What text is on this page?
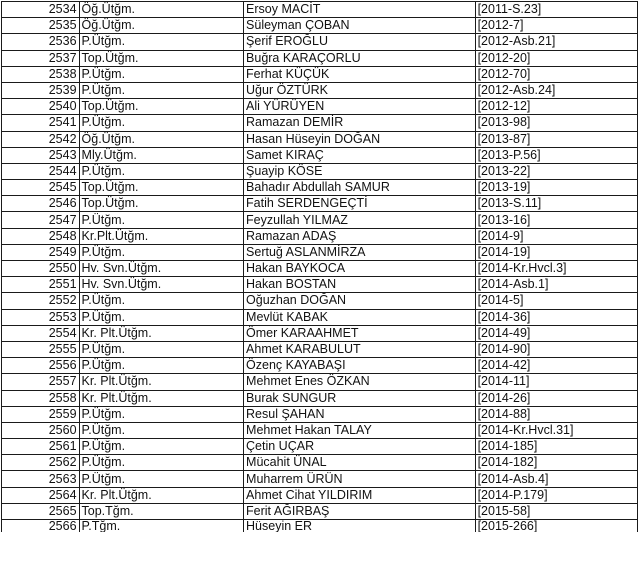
2534	Öğ.Ütğm.	Ersoy MACİT	[2011-S.23]
2535	Öğ.Ütğm.	Süleyman ÇOBAN	[2012-7]
2536	P.Ütğm.	Şerif EROĞLU	[2012-Asb.21]
2537	Top.Ütğm.	Buğra KARAÇORLU	[2012-20]
2538	P.Ütğm.	Ferhat KÜÇÜK	[2012-70]
2539	P.Ütğm.	Uğur ÖZTÜRK	[2012-Asb.24]
2540	Top.Ütğm.	Ali YÜRÜYEN	[2012-12]
2541	P.Ütğm.	Ramazan DEMİR	[2013-98]
2542	Öğ.Ütğm.	Hasan Hüseyin DOĞAN	[2013-87]
2543	Mly.Ütğm.	Samet KIRAÇ	[2013-P.56]
2544	P.Ütğm.	Şuayip KÖSE	[2013-22]
2545	Top.Ütğm.	Bahadır Abdullah SAMUR	[2013-19]
2546	Top.Ütğm.	Fatih SERDENGEÇTİ	[2013-S.11]
2547	P.Ütğm.	Feyzullah YILMAZ	[2013-16]
2548	Kr.Plt.Ütğm.	Ramazan ADAŞ	[2014-9]
2549	P.Ütğm.	Sertuğ ASLANMİRZA	[2014-19]
2550	Hv. Svn.Ütğm.	Hakan BAYKOCA	[2014-Kr.Hvcl.3]
2551	Hv. Svn.Ütğm.	Hakan BOSTAN	[2014-Asb.1]
2552	P.Ütğm.	Oğuzhan DOĞAN	[2014-5]
2553	P.Ütğm.	Mevlüt KABAK	[2014-36]
2554	Kr. Plt.Ütğm.	Ömer KARAAHMET	[2014-49]
2555	P.Ütğm.	Ahmet KARABULUT	[2014-90]
2556	P.Ütğm.	Özenç KAYABAŞI	[2014-42]
2557	Kr. Plt.Ütğm.	Mehmet Enes ÖZKAN	[2014-11]
2558	Kr. Plt.Ütğm.	Burak SUNGUR	[2014-26]
2559	P.Ütğm.	Resul ŞAHAN	[2014-88]
2560	P.Ütğm.	Mehmet Hakan TALAY	[2014-Kr.Hvcl.31]
2561	P.Ütğm.	Çetin UÇAR	[2014-185]
2562	P.Ütğm.	Mücahit ÜNAL	[2014-182]
2563	P.Ütğm.	Muharrem ÜRÜN	[2014-Asb.4]
2564	Kr. Plt.Ütğm.	Ahmet Cihat YILDIRIM	[2014-P.179]
2565	Top.Tğm.	Ferit AĞIRBAŞ	[2015-58]
2566	P.Tğm.	Hüseyin ER	[2015-266]
